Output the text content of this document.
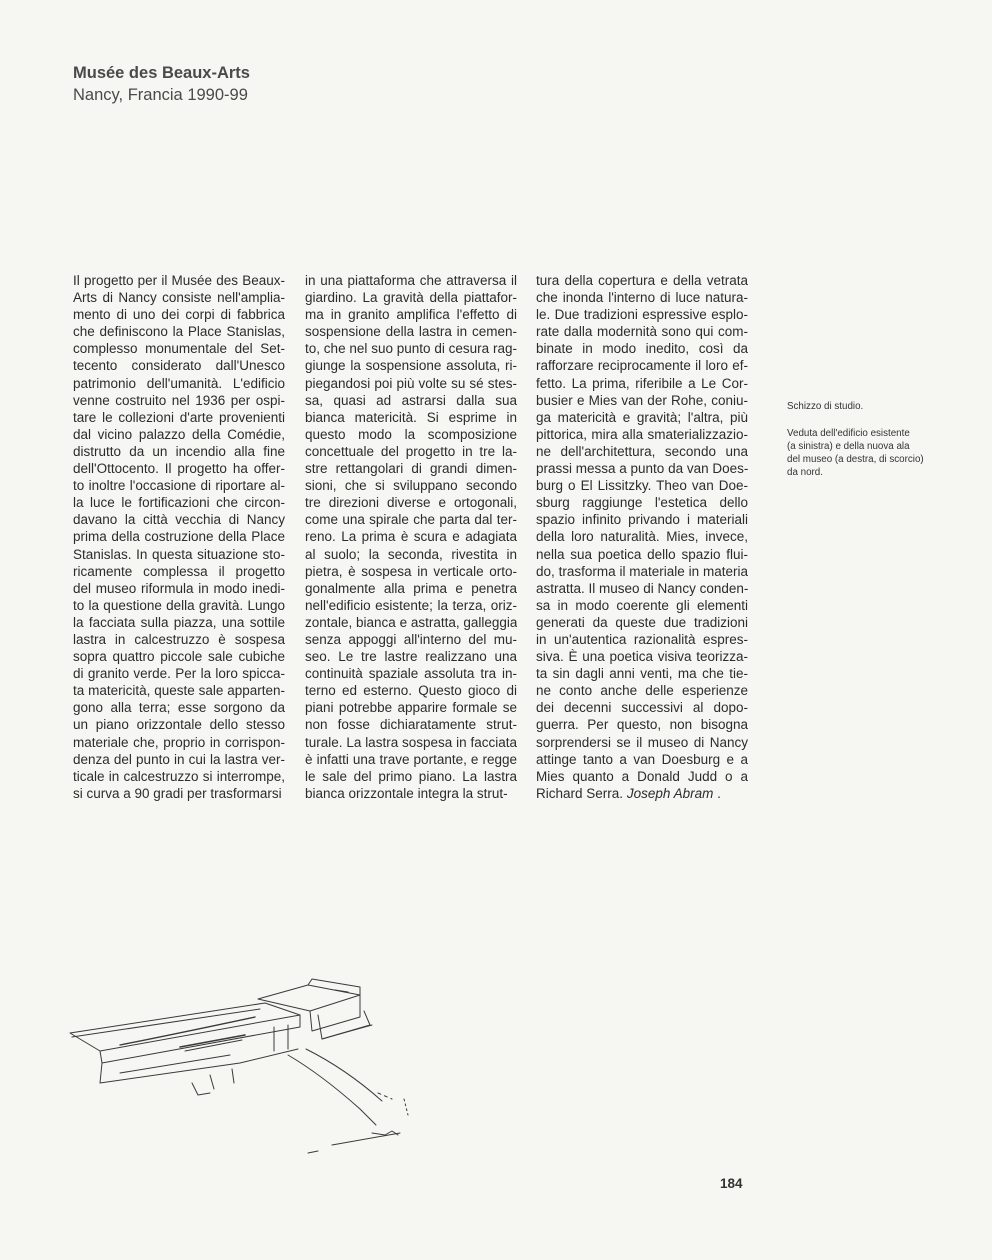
Musée des Beaux-Arts
Nancy, Francia 1990-99
Il progetto per il Musée des Beaux-
Arts di Nancy consiste nell'amplia-
mento di uno dei corpi di fabbrica
che definiscono la Place Stanislas,
complesso monumentale del Set-
tecento considerato dall'Unesco
patrimonio dell'umanità. L'edificio
venne costruito nel 1936 per ospi-
tare le collezioni d'arte provenienti
dal vicino palazzo della Comédie,
distrutto da un incendio alla fine
dell'Ottocento. Il progetto ha offer-
to inoltre l'occasione di riportare al-
la luce le fortificazioni che circon-
davano la città vecchia di Nancy
prima della costruzione della Place
Stanislas. In questa situazione sto-
ricamente complessa il progetto
del museo riformula in modo inedi-
to la questione della gravità. Lungo
la facciata sulla piazza, una sottile
lastra in calcestruzzo è sospesa
sopra quattro piccole sale cubiche
di granito verde. Per la loro spicca-
ta matericità, queste sale apparten-
gono alla terra; esse sorgono da
un piano orizzontale dello stesso
materiale che, proprio in corrispon-
denza del punto in cui la lastra ver-
ticale in calcestruzzo si interrompe,
si curva a 90 gradi per trasformarsi
in una piattaforma che attraversa il
giardino. La gravità della piattafor-
ma in granito amplifica l'effetto di
sospensione della lastra in cemen-
to, che nel suo punto di cesura rag-
giunge la sospensione assoluta, ri-
piegandosi poi più volte su sé stes-
sa, quasi ad astrarsi dalla sua
bianca matericità. Si esprime in
questo modo la scomposizione
concettuale del progetto in tre la-
stre rettangolari di grandi dimen-
sioni, che si sviluppano secondo
tre direzioni diverse e ortogonali,
come una spirale che parta dal ter-
reno. La prima è scura e adagiata
al suolo; la seconda, rivestita in
pietra, è sospesa in verticale orto-
gonalmente alla prima e penetra
nell'edificio esistente; la terza, oriz-
zontale, bianca e astratta, galleggia
senza appoggi all'interno del mu-
seo. Le tre lastre realizzano una
continuità spaziale assoluta tra in-
terno ed esterno. Questo gioco di
piani potrebbe apparire formale se
non fosse dichiaratamente strut-
turale. La lastra sospesa in facciata
è infatti una trave portante, e regge
le sale del primo piano. La lastra
bianca orizzontale integra la strut-
tura della copertura e della vetrata
che inonda l'interno di luce natura-
le. Due tradizioni espressive esplo-
rate dalla modernità sono qui com-
binate in modo inedito, così da
rafforzare reciprocamente il loro ef-
fetto. La prima, riferibile a Le Cor-
busier e Mies van der Rohe, coniu-
ga matericità e gravità; l'altra, più
pittorica, mira alla smaterializzazio-
ne dell'architettura, secondo una
prassi messa a punto da van Does-
burg o El Lissitzky. Theo van Doe-
sburg raggiunge l'estetica dello
spazio infinito privando i materiali
della loro naturalità. Mies, invece,
nella sua poetica dello spazio flui-
do, trasforma il materiale in materia
astratta. Il museo di Nancy conden-
sa in modo coerente gli elementi
generati da queste due tradizioni
in un'autentica razionalità espres-
siva. È una poetica visiva teorizza-
ta sin dagli anni venti, ma che tie-
ne conto anche delle esperienze
dei decenni successivi al dopo-
guerra. Per questo, non bisogna
sorprendersi se il museo di Nancy
attinge tanto a van Doesburg e a
Mies quanto a Donald Judd o a
Richard Serra. Joseph Abram .
Schizzo di studio.
Veduta dell'edificio esistente
(a sinistra) e della nuova ala
del museo (a destra, di scorcio)
da nord.
184
